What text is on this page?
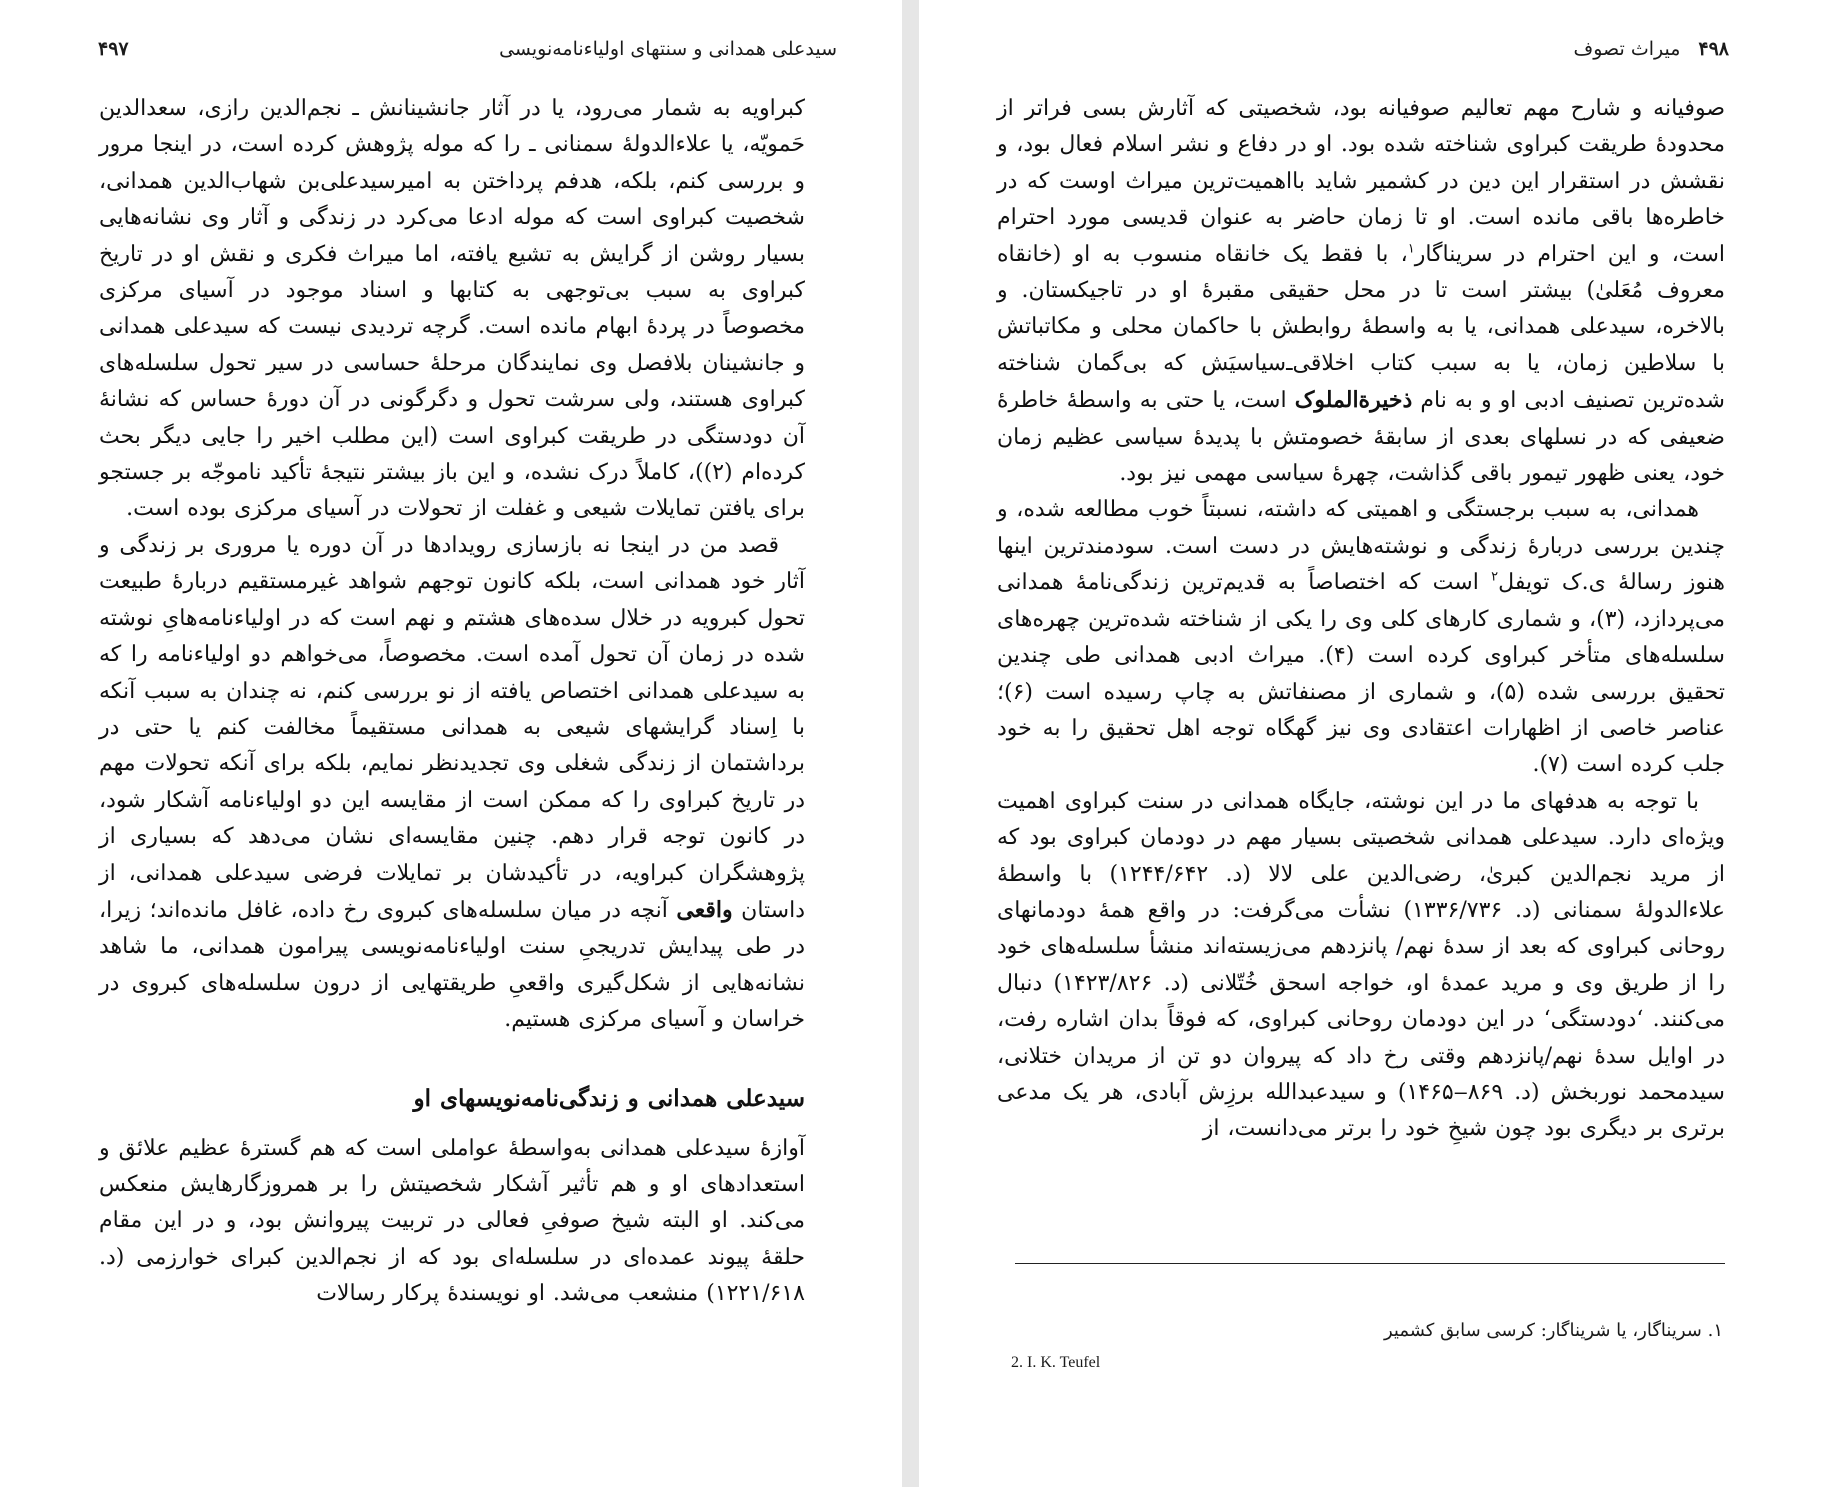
سیدعلی همدانی و سنتهای اولیاءنامه‌نویسی
۴۹۷

کبراویه به شمار می‌رود، یا در آثار جانشینانش ـ نجم‌الدین رازی، سعدالدین حَمویّه، یا علاءالدولهٔ سمنانی ـ را که موله پژوهش کرده است، در اینجا مرور و بررسی کنم، بلکه، هدفم پرداختن به امیرسیدعلی‌بن شهاب‌الدین همدانی، شخصیت کبراوی است که موله ادعا می‌کرد در زندگی و آثار وی نشانه‌هایی بسیار روشن از گرایش به تشیع یافته، اما میراث فکری و نقش او در تاریخ کبراوی به سبب بی‌توجهی به کتابها و اسناد موجود در آسیای مرکزی مخصوصاً در پردهٔ ابهام مانده است. گرچه تردیدی نیست که سیدعلی همدانی و جانشینان بلافصل وی نمایندگان مرحلهٔ حساسی در سیر تحول سلسله‌های کبراوی هستند، ولی سرشت تحول و دگرگونی در آن دورهٔ حساس که نشانهٔ آن دودستگی در طریقت کبراوی است (این مطلب اخیر را جایی دیگر بحث کرده‌ام (۲))، کاملاً درک نشده، و این باز بیشتر نتیجهٔ تأکید ناموجّه بر جستجو برای یافتن تمایلات شیعی و غفلت از تحولات در آسیای مرکزی بوده است.

قصد من در اینجا نه بازسازی رویدادها در آن دوره یا مروری بر زندگی و آثار خود همدانی است، بلکه کانون توجهم شواهد غیرمستقیم دربارهٔ طبیعت تحول کبرویه در خلال سده‌های هشتم و نهم است که در اولیاءنامه‌هایِ نوشته شده در زمان آن تحول آمده است. مخصوصاً، می‌خواهم دو اولیاءنامه را که به سیدعلی همدانی اختصاص یافته از نو بررسی کنم، نه چندان به سبب آنکه با اِسناد گرایشهای شیعی به همدانی مستقیماً مخالفت کنم یا حتی در برداشتمان از زندگی شغلی وی تجدیدنظر نمایم، بلکه برای آنکه تحولات مهم در تاریخ کبراوی را که ممکن است از مقایسه این دو اولیاءنامه آشکار شود، در کانون توجه قرار دهم. چنین مقایسه‌ای نشان می‌دهد که بسیاری از پژوهشگران کبراویه، در تأکیدشان بر تمایلات فرضی سیدعلی همدانی، از داستان واقعی آنچه در میان سلسله‌های کبروی رخ داده، غافل مانده‌اند؛ زیرا، در طی پیدایش تدریجیِ سنت اولیاءنامه‌نویسی پیرامون همدانی، ما شاهد نشانه‌هایی از شکل‌گیری واقعیِ طریقتهایی از درون سلسله‌های کبروی در خراسان و آسیای مرکزی هستیم.

سیدعلی همدانی و زندگی‌نامه‌نویسهای او

آوازهٔ سیدعلی همدانی به‌واسطهٔ عواملی است که هم گسترهٔ عظیم علائق و استعدادهای او و هم تأثیر آشکار شخصیتش را بر همروزگارهایش منعکس می‌کند. او البته شیخ صوفیِ فعالی در تربیت پیروانش بود، و در این مقام حلقهٔ پیوند عمده‌ای در سلسله‌ای بود که از نجم‌الدین کبرای خوارزمی (د. ۱۲۲۱/۶۱۸) منشعب می‌شد. او نویسندهٔ پرکار رسالات

۴۹۸
میراث تصوف

صوفیانه و شارح مهم تعالیم صوفیانه بود، شخصیتی که آثارش بسی فراتر از محدودهٔ طریقت کبراوی شناخته شده بود. او در دفاع و نشر اسلام فعال بود، و نقشش در استقرار این دین در کشمیر شاید بااهمیت‌ترین میراث اوست که در خاطره‌ها باقی مانده است. او تا زمان حاضر به عنوان قدیسی مورد احترام است، و این احترام در سریناگار$^۱$، با فقط یک خانقاه منسوب به او (خانقاه معروف مُعَلیٰ) بیشتر است تا در محل حقیقی مقبرهٔ او در تاجیکستان. و بالاخره، سیدعلی همدانی، یا به واسطهٔ روابطش با حاکمان محلی و مکاتباتش با سلاطین زمان، یا به سبب کتاب اخلاقی‌ـ‌سیاسیَش که بی‌گمان شناخته شده‌ترین تصنیف ادبی او و به نام ذخیرة‌الملوک است، یا حتی به واسطهٔ خاطرهٔ ضعیفی که در نسلهای بعدی از سابقهٔ خصومتش با پدیدهٔ سیاسی عظیم زمان خود، یعنی ظهور تیمور باقی گذاشت، چهرهٔ سیاسی مهمی نیز بود.

همدانی، به سبب برجستگی و اهمیتی که داشته، نسبتاً خوب مطالعه شده، و چندین بررسی دربارهٔ زندگی و نوشته‌هایش در دست است. سودمندترین اینها هنوز رسالهٔ ی.ک تویفل$^۲$ است که اختصاصاً به قدیم‌ترین زندگی‌نامهٔ همدانی می‌پردازد، (۳)، و شماری کارهای کلی وی را یکی از شناخته شده‌ترین چهره‌های سلسله‌های متأخر کبراوی کرده است (۴). میراث ادبی همدانی طی چندین تحقیق بررسی شده (۵)، و شماری از مصنفاتش به چاپ رسیده است (۶)؛ عناصر خاصی از اظهارات اعتقادی وی نیز گهگاه توجه اهل تحقیق را به خود جلب کرده است (۷).

با توجه به هدفهای ما در این نوشته، جایگاه همدانی در سنت کبراوی اهمیت ویژه‌ای دارد. سیدعلی همدانی شخصیتی بسیار مهم در دودمان کبراوی بود که از مرید نجم‌الدین کبریٰ، رضی‌الدین علی لالا (د. ۱۲۴۴/۶۴۲) با واسطهٔ علاءالدولهٔ سمنانی (د. ۱۳۳۶/۷۳۶) نشأت می‌گرفت: در واقع همهٔ دودمانهای روحانی کبراوی که بعد از سدهٔ نهم/ پانزدهم می‌زیسته‌اند منشأ سلسله‌های خود را از طریق وی و مرید عمدهٔ او، خواجه اسحق خُتّلانی (د. ۱۴۲۳/۸۲۶) دنبال می‌کنند. ‘دودستگی‘ در این دودمان روحانی کبراوی، که فوقاً بدان اشاره رفت، در اوایل سدهٔ نهم/پانزدهم وقتی رخ داد که پیروان دو تن از مریدان ختلانی، سیدمحمد نوربخش (د. ۸۶۹‒۱۴۶۵) و سیدعبدالله برزِش آبادی، هر یک مدعی برتری بر دیگری بود چون شیخِ خود را برتر می‌دانست، از

۱. سریناگار، یا شریناگار: کرسی سابق کشمیر
2. I. K. Teufel
